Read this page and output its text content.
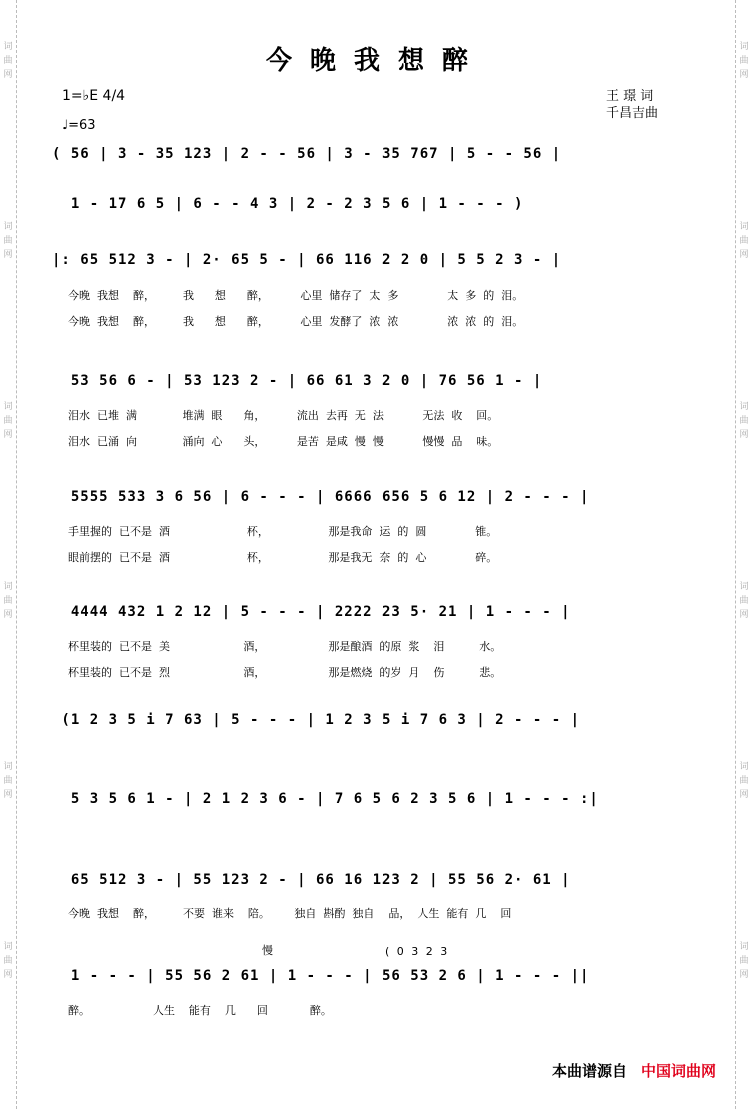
词曲网
词曲网
词曲网
词曲网
词曲网
词曲网
词曲网
词曲网
词曲网
词曲网
词曲网
词曲网
今晚我想醉
1=♭E 4/4
♩=63
王 璟 词
千昌吉曲
( 56 | 3 - 35 123 | 2 - - 56 | 3 - 35 767 | 5 - - 56 |
1 - 17 6 5 | 6 - - 4 3 | 2 - 2 3 5 6 | 1 - - - )
|: 65 512 3 - | 2· 65 5 - | 66 116 2 2 0 | 5 5 2 3 - |
53 56 6 - | 53 123 2 - | 66 61 3 2 0 | 76 56 1 - |
5555 533 3 6 56 | 6 - - - | 6666 656 5 6 12 | 2 - - - |
4444 432 1 2 12 | 5 - - - | 2222 23 5· 21 | 1 - - - |
(1 2 3 5 i 7 63 | 5 - - - | 1 2 3 5 i 7 6 3 | 2 - - - |
5 3 5 6 1 - | 2 1 2 3 6 - | 7 6 5 6 2 3 5 6 | 1 - - - :|
65 512 3 - | 55 123 2 - | 66 16 123 2 | 55 56 2· 61 |
1 - - - | 55 56 2 61 | 1 - - - | 56 53 2 6 | 1 - - - ||
今晚  我想    醉，        我      想      醉，         心里  储存了  太  多              太  多  的  泪。
今晚  我想    醉，        我      想      醉，         心里  发酵了  浓  浓              浓  浓  的  泪。
泪水  已堆  满             堆满  眼      角，         流出  去再  无  法           无法  收    回。
泪水  已涌  向             涌向  心      头，         是苦  是咸  慢  慢           慢慢  品    味。
手里握的  已不是  酒                      杯，                 那是我命  运  的  圆              锥。
眼前摆的  已不是  酒                      杯，                 那是我无  奈  的  心              碎。
杯里装的  已不是  美                     酒，                  那是酿酒  的原  浆    泪          水。
杯里装的  已不是  烈                     酒，                  那是燃烧  的岁  月    伤          悲。
今晚  我想    醉，        不要  谁来    陪。       独自  斟酌  独自    品，  人生  能有  几    回
醉。                  人生    能有    几      回            醉。
慢	( 0 3 2 3
本曲谱源自 中国词曲网
